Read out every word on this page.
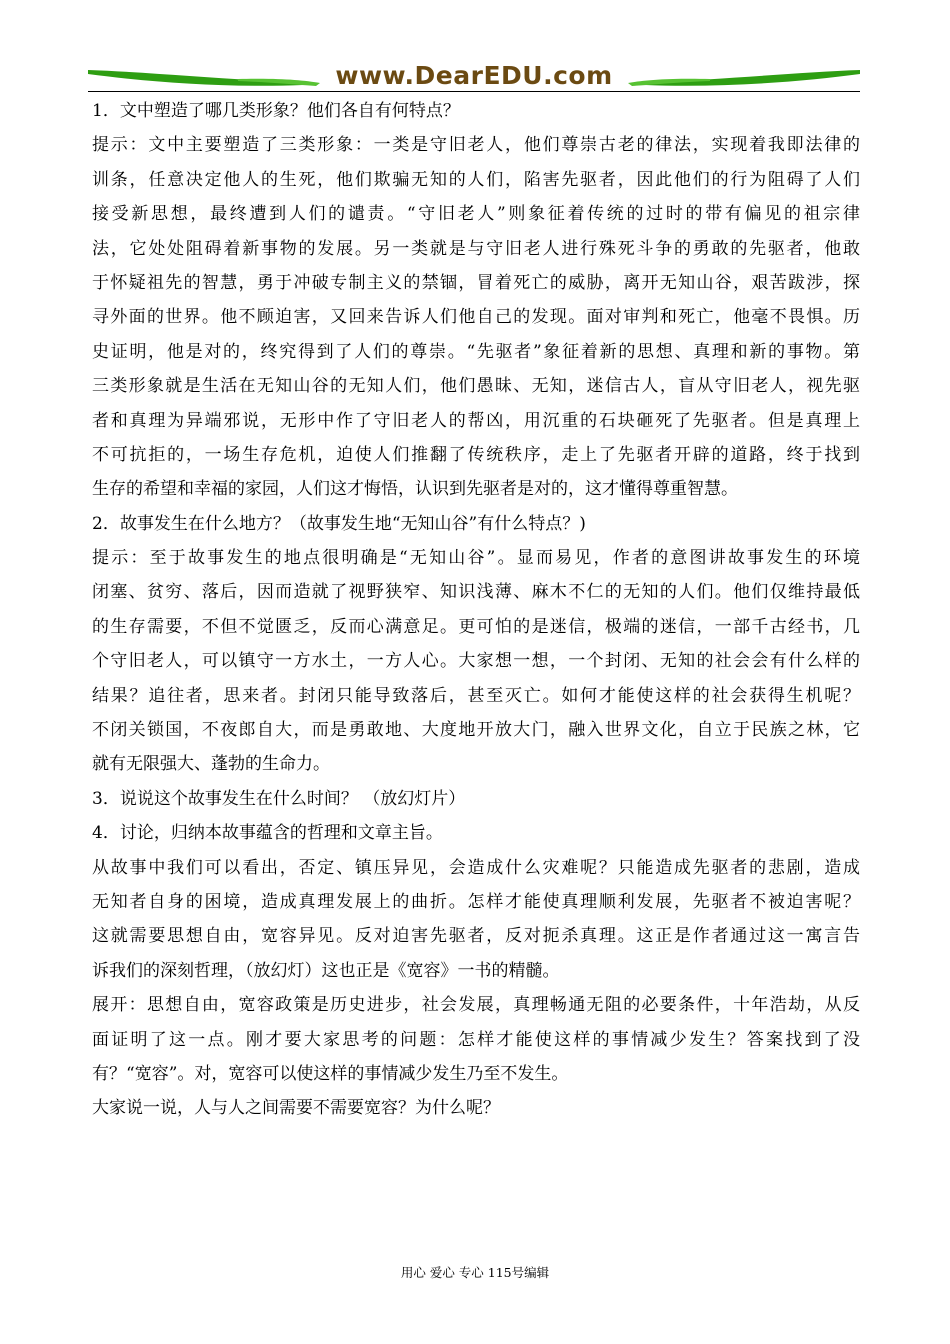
www.DearEDU.com
1．文中塑造了哪几类形象？他们各自有何特点？
提示：文中主要塑造了三类形象：一类是守旧老人，他们尊崇古老的律法，实现着我即法律的
训条，任意决定他人的生死，他们欺骗无知的人们，陷害先驱者，因此他们的行为阻碍了人们
接受新思想，最终遭到人们的谴责。“守旧老人”则象征着传统的过时的带有偏见的祖宗律
法，它处处阻碍着新事物的发展。另一类就是与守旧老人进行殊死斗争的勇敢的先驱者，他敢
于怀疑祖先的智慧，勇于冲破专制主义的禁锢，冒着死亡的威胁，离开无知山谷，艰苦跋涉，探
寻外面的世界。他不顾迫害，又回来告诉人们他自己的发现。面对审判和死亡，他毫不畏惧。历
史证明，他是对的，终究得到了人们的尊崇。“先驱者”象征着新的思想、真理和新的事物。第
三类形象就是生活在无知山谷的无知人们，他们愚昧、无知，迷信古人，盲从守旧老人，视先驱
者和真理为异端邪说，无形中作了守旧老人的帮凶，用沉重的石块砸死了先驱者。但是真理上
不可抗拒的，一场生存危机，迫使人们推翻了传统秩序，走上了先驱者开辟的道路，终于找到
生存的希望和幸福的家园，人们这才悔悟，认识到先驱者是对的，这才懂得尊重智慧。
2．故事发生在什么地方？（故事发生地“无知山谷”有什么特点？)
提示：至于故事发生的地点很明确是“无知山谷”。显而易见，作者的意图讲故事发生的环境
闭塞、贫穷、落后，因而造就了视野狭窄、知识浅薄、麻木不仁的无知的人们。他们仅维持最低
的生存需要，不但不觉匮乏，反而心满意足。更可怕的是迷信，极端的迷信，一部千古经书，几
个守旧老人，可以镇守一方水土，一方人心。大家想一想，一个封闭、无知的社会会有什么样的
结果？追往者，思来者。封闭只能导致落后，甚至灭亡。如何才能使这样的社会获得生机呢？
不闭关锁国，不夜郎自大，而是勇敢地、大度地开放大门，融入世界文化，自立于民族之林，它
就有无限强大、蓬勃的生命力。
3．说说这个故事发生在什么时间？ （放幻灯片）
4．讨论，归纳本故事蕴含的哲理和文章主旨。
从故事中我们可以看出，否定、镇压异见，会造成什么灾难呢？只能造成先驱者的悲剧，造成
无知者自身的困境，造成真理发展上的曲折。怎样才能使真理顺利发展，先驱者不被迫害呢？
这就需要思想自由，宽容异见。反对迫害先驱者，反对扼杀真理。这正是作者通过这一寓言告
诉我们的深刻哲理，（放幻灯）这也正是《宽容》一书的精髓。
展开：思想自由，宽容政策是历史进步，社会发展，真理畅通无阻的必要条件，十年浩劫，从反
面证明了这一点。刚才要大家思考的问题：怎样才能使这样的事情减少发生？答案找到了没
有？“宽容”。对，宽容可以使这样的事情减少发生乃至不发生。
大家说一说，人与人之间需要不需要宽容？为什么呢？
用心 爱心 专心 115号编辑
